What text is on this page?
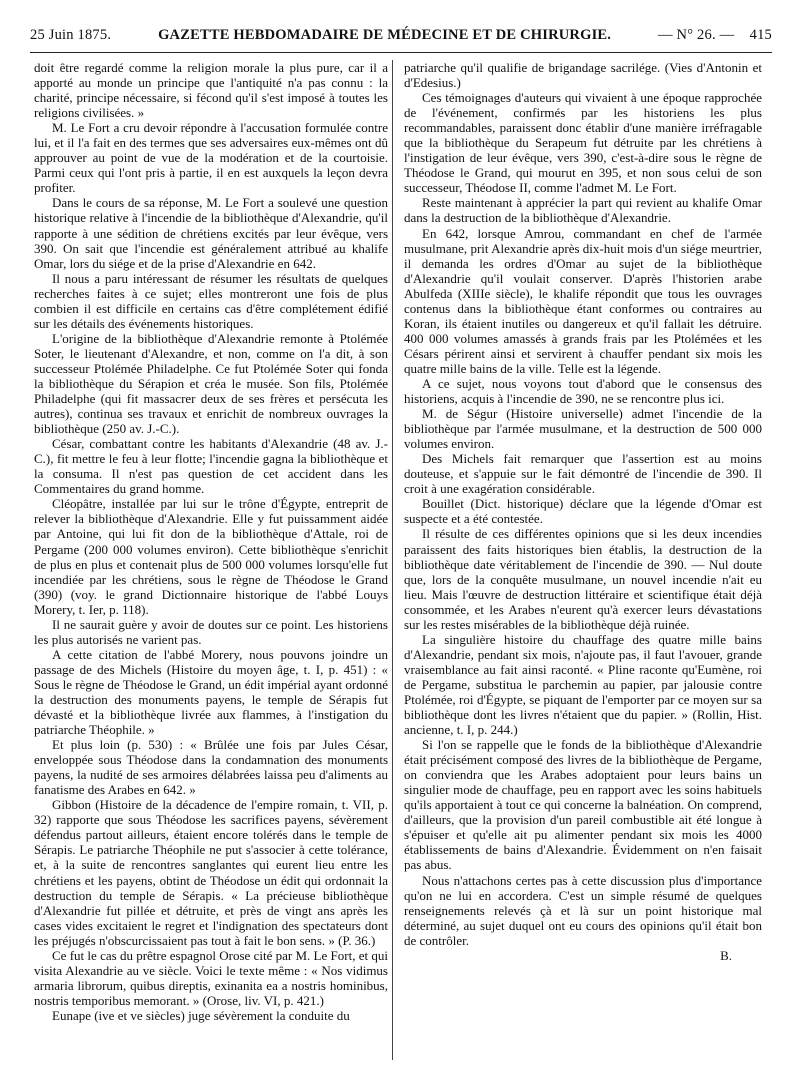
25 Juin 1875.	GAZETTE HEBDOMADAIRE DE MÉDECINE ET DE CHIRURGIE.	— N° 26. — 415

doit être regardé comme la religion morale la plus pure, car il a apporté au monde un principe que l'antiquité n'a pas connu : la charité, principe nécessaire, si fécond qu'il s'est imposé à toutes les religions civilisées. »

M. Le Fort a cru devoir répondre à l'accusation formulée contre lui, et il l'a fait en des termes que ses adversaires eux-mêmes ont dû approuver au point de vue de la modération et de la courtoisie. Parmi ceux qui l'ont pris à partie, il en est auxquels la leçon devra profiter.

Dans le cours de sa réponse, M. Le Fort a soulevé une question historique relative à l'incendie de la bibliothèque d'Alexandrie, qu'il rapporte à une sédition de chrétiens excités par leur évêque, vers 390. On sait que l'incendie est généralement attribué au khalife Omar, lors du siége et de la prise d'Alexandrie en 642.

Il nous a paru intéressant de résumer les résultats de quelques recherches faites à ce sujet; elles montreront une fois de plus combien il est difficile en certains cas d'être complétement édifié sur les détails des événements historiques.

L'origine de la bibliothèque d'Alexandrie remonte à Ptolémée Soter, le lieutenant d'Alexandre, et non, comme on l'a dit, à son successeur Ptolémée Philadelphe. Ce fut Ptolémée Soter qui fonda la bibliothèque du Sérapion et créa le musée. Son fils, Ptolémée Philadelphe (qui fit massacrer deux de ses frères et persécuta les autres), continua ses travaux et enrichit de nombreux ouvrages la bibliothèque (250 av. J.-C.).

César, combattant contre les habitants d'Alexandrie (48 av. J.-C.), fit mettre le feu à leur flotte; l'incendie gagna la bibliothèque et la consuma. Il n'est pas question de cet accident dans les Commentaires du grand homme.

Cléopâtre, installée par lui sur le trône d'Égypte, entreprit de relever la bibliothèque d'Alexandrie. Elle y fut puissamment aidée par Antoine, qui lui fit don de la bibliothèque d'Attale, roi de Pergame (200 000 volumes environ). Cette bibliothèque s'enrichit de plus en plus et contenait plus de 500 000 volumes lorsqu'elle fut incendiée par les chrétiens, sous le règne de Théodose le Grand (390) (voy. le grand Dictionnaire historique de l'abbé Louys Morery, t. Ier, p. 118).

Il ne saurait guère y avoir de doutes sur ce point. Les historiens les plus autorisés ne varient pas.

A cette citation de l'abbé Morery, nous pouvons joindre un passage de des Michels (Histoire du moyen âge, t. I, p. 451) : « Sous le règne de Théodose le Grand, un édit impérial ayant ordonné la destruction des monuments payens, le temple de Sérapis fut dévasté et la bibliothèque livrée aux flammes, à l'instigation du patriarche Théophile. »

Et plus loin (p. 530) : « Brûlée une fois par Jules César, enveloppée sous Théodose dans la condamnation des monuments payens, la nudité de ses armoires délabrées laissa peu d'aliments au fanatisme des Arabes en 642. »

Gibbon (Histoire de la décadence de l'empire romain, t. VII, p. 32) rapporte que sous Théodose les sacrifices payens, sévèrement défendus partout ailleurs, étaient encore tolérés dans le temple de Sérapis. Le patriarche Théophile ne put s'associer à cette tolérance, et, à la suite de rencontres sanglantes qui eurent lieu entre les chrétiens et les payens, obtint de Théodose un édit qui ordonnait la destruction du temple de Sérapis. « La précieuse bibliothèque d'Alexandrie fut pillée et détruite, et près de vingt ans après les cases vides excitaient le regret et l'indignation des spectateurs dont les préjugés n'obscurcissaient pas tout à fait le bon sens. » (P. 36.)

Ce fut le cas du prêtre espagnol Orose cité par M. Le Fort, et qui visita Alexandrie au ve siècle. Voici le texte même : « Nos vidimus armaria librorum, quibus direptis, exinanita ea a nostris hominibus, nostris temporibus memorant. » (Orose, liv. VI, p. 421.)

Eunape (ive et ve siècles) juge sévèrement la conduite du

patriarche qu'il qualifie de brigandage sacrilége. (Vies d'Antonin et d'Edesius.)

Ces témoignages d'auteurs qui vivaient à une époque rapprochée de l'événement, confirmés par les historiens les plus recommandables, paraissent donc établir d'une manière irréfragable que la bibliothèque du Serapeum fut détruite par les chrétiens à l'instigation de leur évêque, vers 390, c'est-à-dire sous le règne de Théodose le Grand, qui mourut en 395, et non sous celui de son successeur, Théodose II, comme l'admet M. Le Fort.

Reste maintenant à apprécier la part qui revient au khalife Omar dans la destruction de la bibliothèque d'Alexandrie.

En 642, lorsque Amrou, commandant en chef de l'armée musulmane, prit Alexandrie après dix-huit mois d'un siége meurtrier, il demanda les ordres d'Omar au sujet de la bibliothèque d'Alexandrie qu'il voulait conserver. D'après l'historien arabe Abulfeda (XIIIe siècle), le khalife répondit que tous les ouvrages contenus dans la bibliothèque étant conformes ou contraires au Koran, ils étaient inutiles ou dangereux et qu'il fallait les détruire. 400 000 volumes amassés à grands frais par les Ptolémées et les Césars périrent ainsi et servirent à chauffer pendant six mois les quatre mille bains de la ville. Telle est la légende.

A ce sujet, nous voyons tout d'abord que le consensus des historiens, acquis à l'incendie de 390, ne se rencontre plus ici.

M. de Ségur (Histoire universelle) admet l'incendie de la bibliothèque par l'armée musulmane, et la destruction de 500 000 volumes environ.

Des Michels fait remarquer que l'assertion est au moins douteuse, et s'appuie sur le fait démontré de l'incendie de 390. Il croit à une exagération considérable.

Bouillet (Dict. historique) déclare que la légende d'Omar est suspecte et a été contestée.

Il résulte de ces différentes opinions que si les deux incendies paraissent des faits historiques bien établis, la destruction de la bibliothèque date véritablement de l'incendie de 390. — Nul doute que, lors de la conquête musulmane, un nouvel incendie n'ait eu lieu. Mais l'œuvre de destruction littéraire et scientifique était déjà consommée, et les Arabes n'eurent qu'à exercer leurs dévastations sur les restes misérables de la bibliothèque déjà ruinée.

La singulière histoire du chauffage des quatre mille bains d'Alexandrie, pendant six mois, n'ajoute pas, il faut l'avouer, grande vraisemblance au fait ainsi raconté. « Pline raconte qu'Eumène, roi de Pergame, substitua le parchemin au papier, par jalousie contre Ptolémée, roi d'Égypte, se piquant de l'emporter par ce moyen sur sa bibliothèque dont les livres n'étaient que du papier. » (Rollin, Hist. ancienne, t. I, p. 244.)

Si l'on se rappelle que le fonds de la bibliothèque d'Alexandrie était précisément composé des livres de la bibliothèque de Pergame, on conviendra que les Arabes adoptaient pour leurs bains un singulier mode de chauffage, peu en rapport avec les soins habituels qu'ils apportaient à tout ce qui concerne la balnéation. On comprend, d'ailleurs, que la provision d'un pareil combustible ait été longue à s'épuiser et qu'elle ait pu alimenter pendant six mois les 4000 établissements de bains d'Alexandrie. Évidemment on n'en faisait pas abus.

Nous n'attachons certes pas à cette discussion plus d'importance qu'on ne lui en accordera. C'est un simple résumé de quelques renseignements relevés çà et là sur un point historique mal déterminé, au sujet duquel ont eu cours des opinions qu'il était bon de contrôler.

B.
